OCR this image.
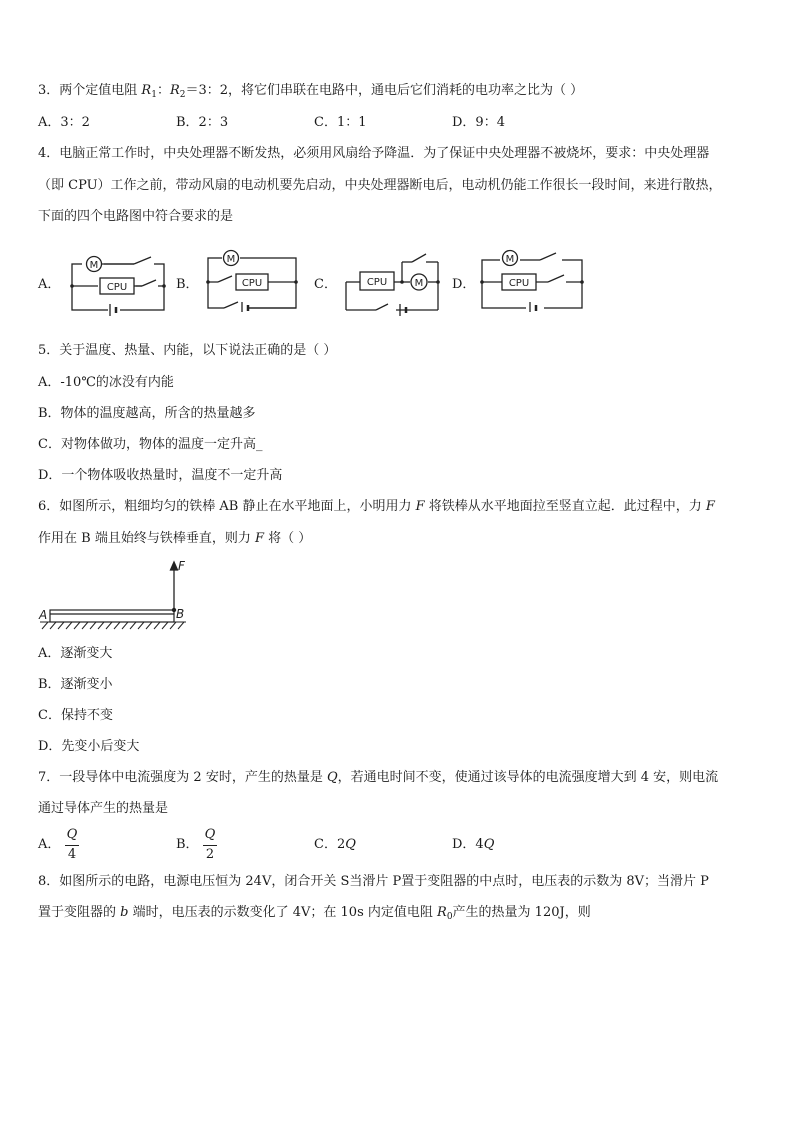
3．两个定值电阻 $R_1$：$R_2=3$：2，将它们串联在电路中，通电后它们消耗的电功率之比为（ ）
A．3：2	B．2：3	C．1：1	D．9：4
4．电脑正常工作时，中央处理器不断发热，必须用风扇给予降温．为了保证中央处理器不被烧坏，要求：中央处理器
（即 CPU）工作之前，带动风扇的电动机要先启动，中央处理器断电后，电动机仍能工作很长一段时间，来进行散热，
下面的四个电路图中符合要求的是
A．	B．	C．	D．
M
CPU
M
CPU	CPU	M
M
CPU
5．关于温度、热量、内能，以下说法正确的是（ ）
A．-10℃的冰没有内能
B．物体的温度越高，所含的热量越多
C．对物体做功，物体的温度一定升高_
D．一个物体吸收热量时，温度不一定升高
6．如图所示，粗细均匀的铁棒 AB 静止在水平地面上，小明用力 F 将铁棒从水平地面拉至竖直立起．此过程中，力 F
作用在 B 端且始终与铁棒垂直，则力 F 将（ ）
F
A	B
A．逐渐变大
B．逐渐变小
C．保持不变
D．先变小后变大
7．一段导体中电流强度为 2 安时，产生的热量是 Q，若通电时间不变，使通过该导体的电流强度增大到 4 安，则电流
通过导体产生的热量是
A．
Q
4
B．
Q
2
C．2Q	D．4Q
8．如图所示的电路，电源电压恒为 24V，闭合开关 S当滑片 P置于变阻器的中点时，电压表的示数为 8V；当滑片 P
置于变阻器的 b 端时，电压表的示数变化了 4V；在 10s 内定值电阻 $R_0$产生的热量为 120J，则
